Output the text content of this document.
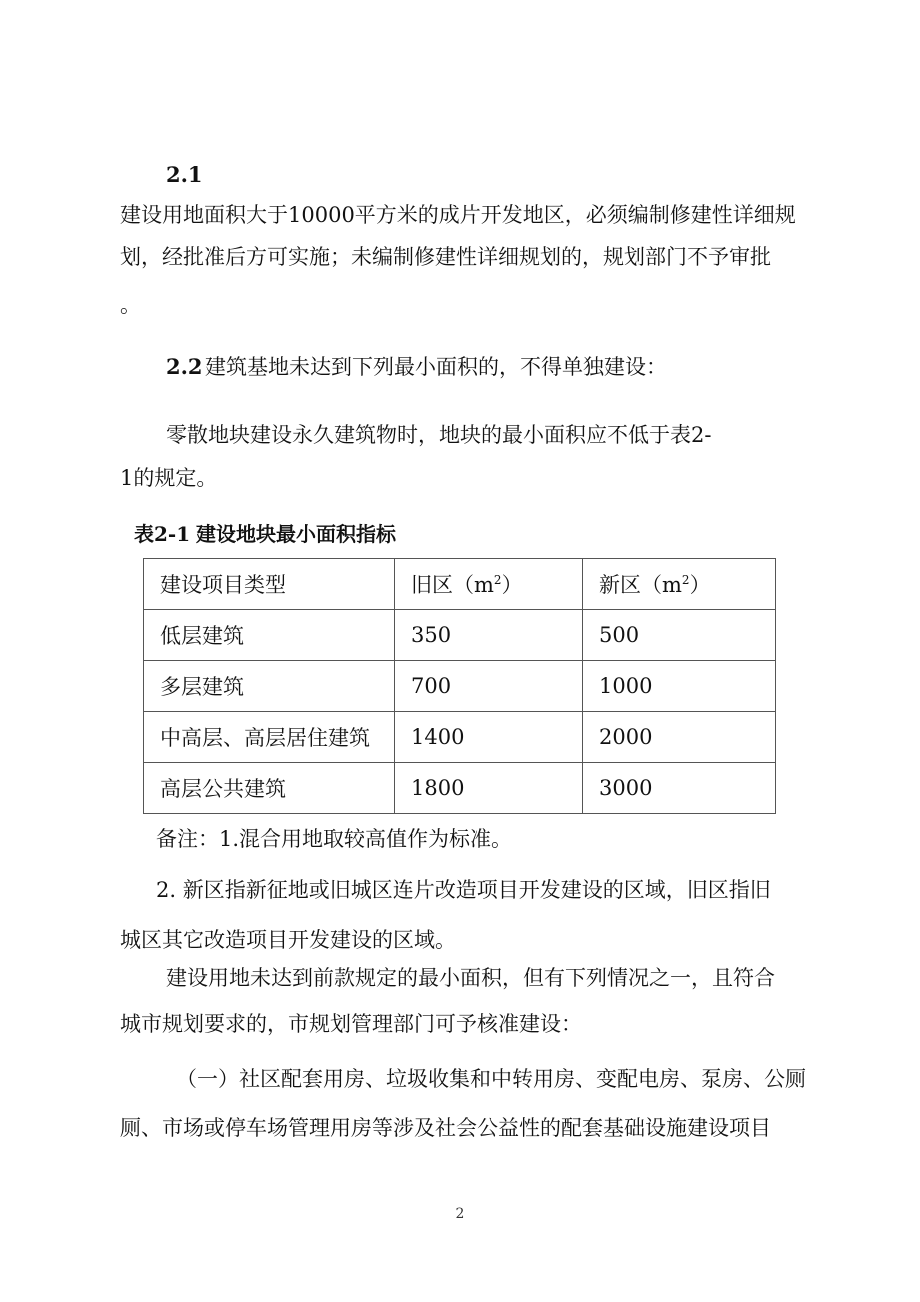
2.1
建设用地面积大于10000平方米的成片开发地区，必须编制修建性详细规
划，经批准后方可实施；未编制修建性详细规划的，规划部门不予审批
。
2.2 建筑基地未达到下列最小面积的，不得单独建设：
零散地块建设永久建筑物时，地块的最小面积应不低于表2-
1的规定。
表2-1 建设地块最小面积指标
建设项目类型	旧区$(m^2)$	新区$(m^2)$
低层建筑	350	500
多层建筑	700	1000
中高层、高层居住建筑	1400	2000
高层公共建筑	1800	3000
备注：1.混合用地取较高值作为标准。
2. 新区指新征地或旧城区连片改造项目开发建设的区域，旧区指旧
城区其它改造项目开发建设的区域。
建设用地未达到前款规定的最小面积，但有下列情况之一，且符合
城市规划要求的，市规划管理部门可予核准建设：
（一）社区配套用房、垃圾收集和中转用房、变配电房、泵房、公厕
厕、市场或停车场管理用房等涉及社会公益性的配套基础设施建设项目
2
